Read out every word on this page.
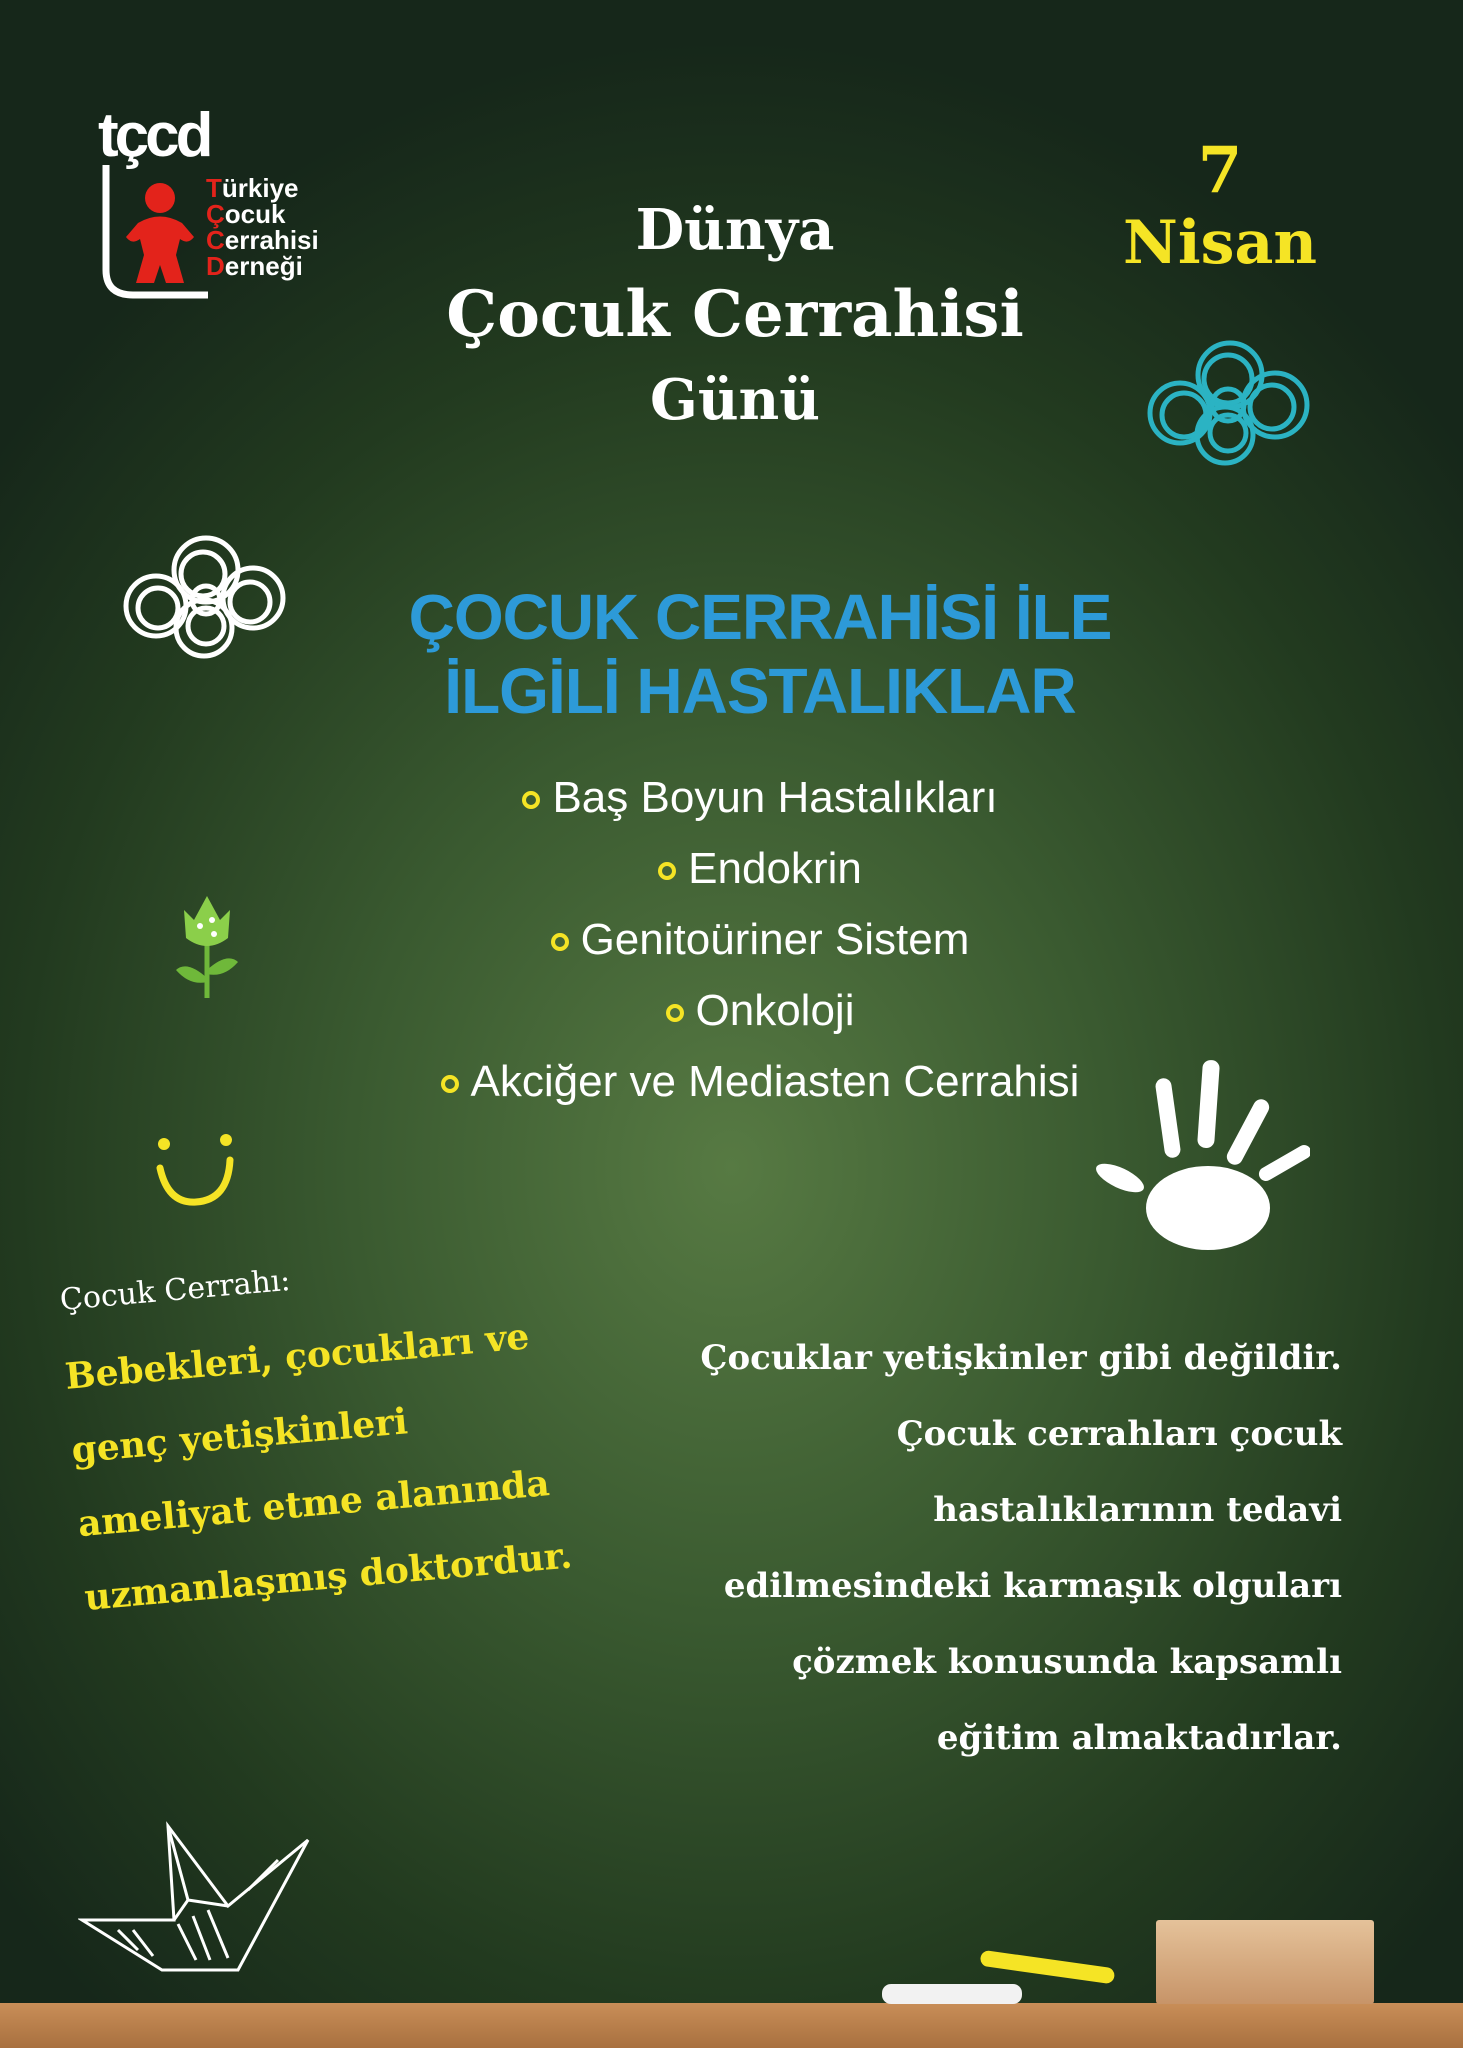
tçcd
Türkiye
Çocuk
Cerrahisi
Derneği
Dünya
Çocuk Cerrahisi
Günü
7
Nisan
ÇOCUK CERRAHİSİ İLE
İLGİLİ HASTALIKLAR
Baş Boyun Hastalıkları
Endokrin
Genitoüriner Sistem
Onkoloji
Akciğer ve Mediasten Cerrahisi
Çocuk Cerrahı:
Bebekleri, çocukları ve
genç yetişkinleri
ameliyat etme alanında
uzmanlaşmış doktordur.
Çocuklar yetişkinler gibi değildir.
Çocuk cerrahları çocuk
hastalıklarının tedavi
edilmesindeki karmaşık olguları
çözmek konusunda kapsamlı
eğitim almaktadırlar.
